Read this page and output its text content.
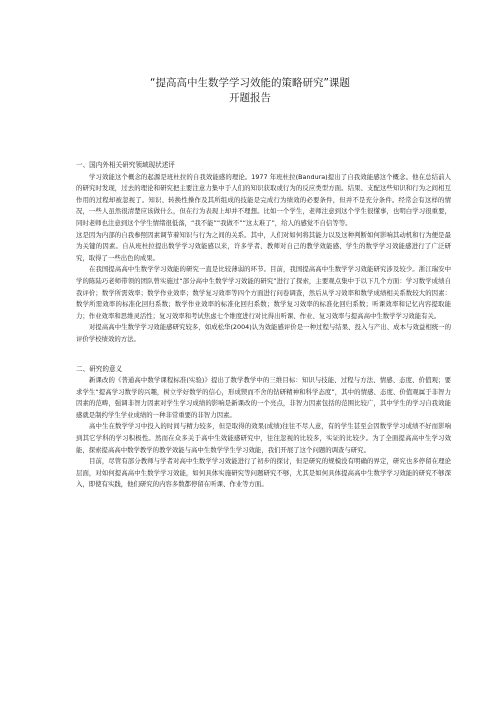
“提高高中生数学学习效能的策略研究”课题
开题报告
一、国内外相关研究领域现状述评

学习效能这个概念的起源是班杜拉的自我效能感的理论。1977 年班杜拉(Bandura)提出了自我效能感这个概念。他在总结前人的研究时发现，过去的理论和研究把主要注意力集中于人们的知识获取或行为的反应类型方面。结果、支配这些知识和行为之间相互作用的过程却被忽视了。知识、转换性操作及其所组成的技能是完成行为绩效的必要条件，但并不是充分条件。经常会有这样的情况，一些人虽然很清楚应该做什么，但在行为表现上却并不理想。比如一个学生，老师注意到这个学生很懂事，也明白学习很重要，同时老师也注意到这个学生情绪很低落，“我不能”“我做不”“这太难了”，给人的感觉不自信等等。

这是因为内部的自我参照因素调节着知识与行为之间的关系。其中，人们对如何将其能力以及这种判断如何影响其动机和行为便是最为关键的因素。自从班杜拉提出数学学习效能感以来，许多学者、教师对自己的教学效能感、学生的数学学习效能感进行了广泛研究，取得了一些出色的成果。

在我国提高高中生数学学习效能的研究一直是比较薄弱的环节。目前，我国提高高中生数学学习效能研究涉及较少。浙江瑞安中学的陈陆巧老师带领的团队曾实施过“部分高中生数学学习效能的研究”进行了探索，主要观点集中于以下几个方面：学习数学成绩自我评价；数学所需效率；数学作业效率；数学复习效率等四个方面进行问卷调查，然后从学习效率和数学成绩相关系数较大的因素：数学所需效率的标准化回归系数；数学作业效率的标准化回归系数；数学复习效率的标准化回归系数；听课效率和记忆内容提取能力；作业效率和思维灵活性；复习效率和考试焦虑七个维度进行对比得出听课、作业、复习效率与提高高中生数学学习效能有关。

对提高高中生数学学习效能感研究较多，如成松华(2004)认为效能感评价是一种过程与结果、投入与产出、成本与效益相统一的评价学校绩效的方法。

二、研究的意义

新课改的《普通高中数学课程标准(实验)》提出了数学教学中的三维目标：知识与技能、过程与方法、情感、态度、价值观；要求学生“提高学习数学的兴趣，树立学好数学的信心，形成锲而不舍的钻研精神和科学态度”，其中的情感、态度、价值观属于非智力因素的范畴，强调非智力因素对学生学习成绩的影响是新课改的一个亮点，非智力因素包括的范围比较广，其中学生的学习自我效能感就是制约学生学业成绩的一种非常重要的非智力因素。

高中生在数学学习中投入的时间与精力较多，但是取得的效果(成绩)往往不尽人意，有的学生甚至会因数学学习成绩不好而影响到其它学科的学习积极性。然而在众多关于高中生效能感研究中，往往忽视的比较多，实证的比较少。为了全面提高高中生学习效能，探索提高高中数学教学的教学效能与高中生数学学生学习效能，我们开展了这个问题的调查与研究。

目前，尽管有部分教师与学者对高中生数学学习效能进行了初步的探讨，但是研究的规模没有明确的界定，研究也多停留在理论层面，对如何提高高中生数学学习效能，如何具体实施研究等问题研究不够，尤其是如何具体提高高中生数学学习效能的研究不够深入，即使有实践，他们研究的内容多数都停留在听课、作业等方面。
